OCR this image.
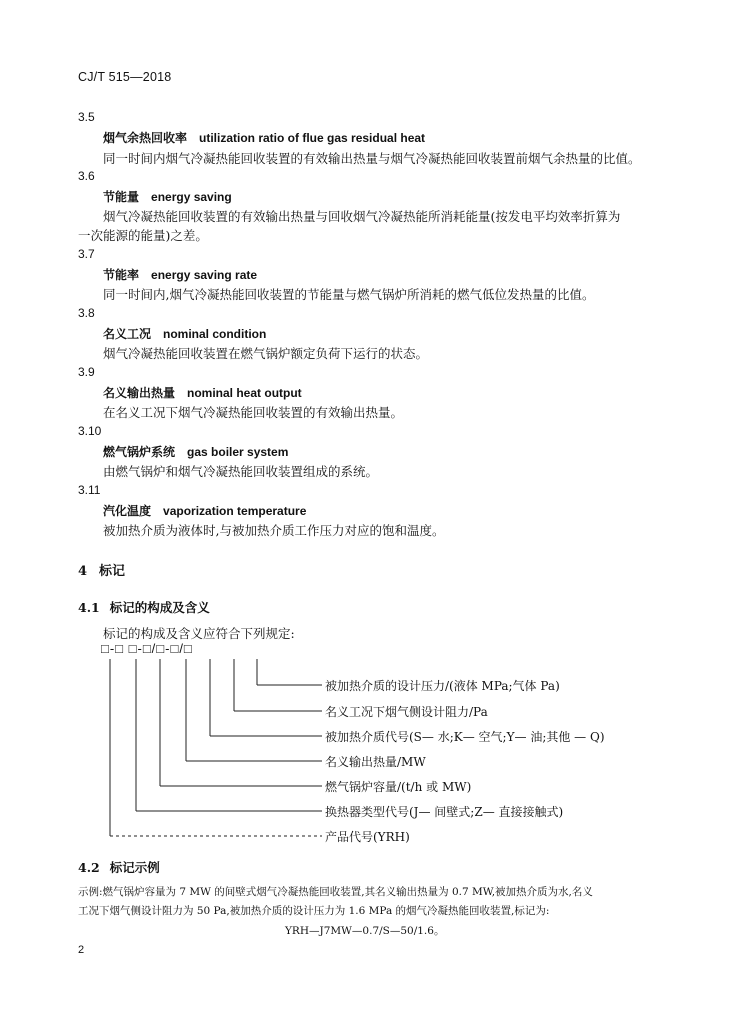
CJ/T 515—2018
3.5
烟气余热回收率 utilization ratio of flue gas residual heat
同一时间内烟气冷凝热能回收装置的有效输出热量与烟气冷凝热能回收装置前烟气余热量的比值。
3.6
节能量 energy saving
烟气冷凝热能回收装置的有效输出热量与回收烟气冷凝热能所消耗能量(按发电平均效率折算为
一次能源的能量)之差。
3.7
节能率 energy saving rate
同一时间内,烟气冷凝热能回收装置的节能量与燃气锅炉所消耗的燃气低位发热量的比值。
3.8
名义工况 nominal condition
烟气冷凝热能回收装置在燃气锅炉额定负荷下运行的状态。
3.9
名义输出热量 nominal heat output
在名义工况下烟气冷凝热能回收装置的有效输出热量。
3.10
燃气锅炉系统 gas boiler system
由燃气锅炉和烟气冷凝热能回收装置组成的系统。
3.11
汽化温度 vaporization temperature
被加热介质为液体时,与被加热介质工作压力对应的饱和温度。
4 标记
4.1 标记的构成及含义
标记的构成及含义应符合下列规定:
□-□ □-□/□-□/□
被加热介质的设计压力/(液体 MPa;气体 Pa)
名义工况下烟气侧设计阻力/Pa
被加热介质代号(S— 水;K— 空气;Y— 油;其他 — Q)
名义输出热量/MW
燃气锅炉容量/(t/h 或 MW)
换热器类型代号(J— 间壁式;Z— 直接接触式)
产品代号(YRH)
4.2 标记示例
示例:燃气锅炉容量为 7 MW 的间壁式烟气冷凝热能回收装置,其名义输出热量为 0.7 MW,被加热介质为水,名义
工况下烟气侧设计阻力为 50 Pa,被加热介质的设计压力为 1.6 MPa 的烟气冷凝热能回收装置,标记为:
YRH—J7MW—0.7/S—50/1.6。
2
